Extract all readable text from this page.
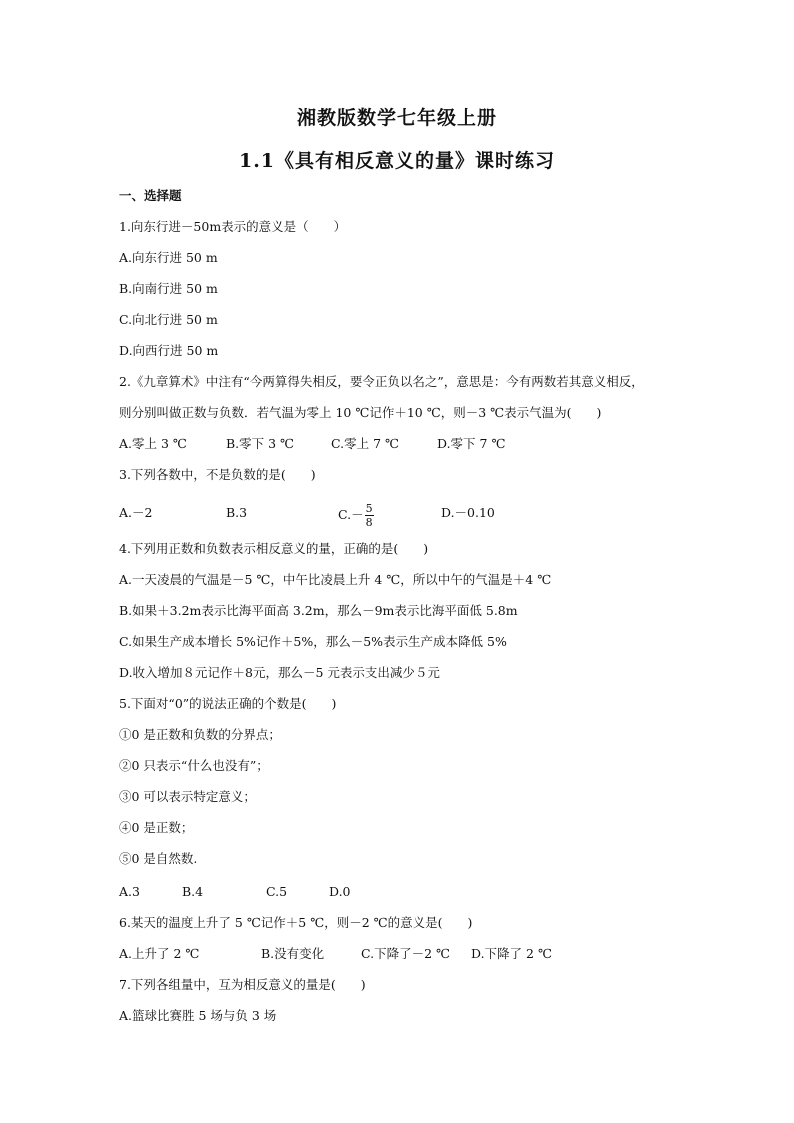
湘教版数学七年级上册
1.1《具有相反意义的量》课时练习
一、选择题
1.向东行进－50m表示的意义是（　　）
A.向东行进 50 m
B.向南行进 50 m
C.向北行进 50 m
D.向西行进 50 m
2.《九章算术》中注有“今两算得失相反，要令正负以名之”，意思是：今有两数若其意义相反，
则分别叫做正数与负数．若气温为零上 10 ℃记作＋10 ℃，则－3 ℃表示气温为(　　)
A.零上 3 ℃	B.零下 3 ℃	C.零上 7 ℃	D.零下 7 ℃
3.下列各数中，不是负数的是(　　)
A.－2	B.3	$C.- \frac{5}{8}$	D.－0.10
4.下列用正数和负数表示相反意义的量，正确的是(　　)
A.一天凌晨的气温是－5 ℃，中午比凌晨上升 4 ℃，所以中午的气温是＋4 ℃
B.如果＋3.2m表示比海平面高 3.2m，那么－9m表示比海平面低 5.8m
C.如果生产成本增长 5%记作＋5%，那么－5%表示生产成本降低 5%
D.收入增加８元记作＋8元，那么－5 元表示支出减少５元
5.下面对“0”的说法正确的个数是(　　)
①0 是正数和负数的分界点；
②0 只表示“什么也没有”；
③0 可以表示特定意义；
④0 是正数；
⑤0 是自然数.
A.3	B.4	C.5	D.0
6.某天的温度上升了 5 ℃记作＋5 ℃，则－2 ℃的意义是(　　)
A.上升了 2 ℃	B.没有变化	C.下降了－2 ℃ D.下降了 2 ℃
7.下列各组量中，互为相反意义的量是(　　)
A.篮球比赛胜 5 场与负 3 场
